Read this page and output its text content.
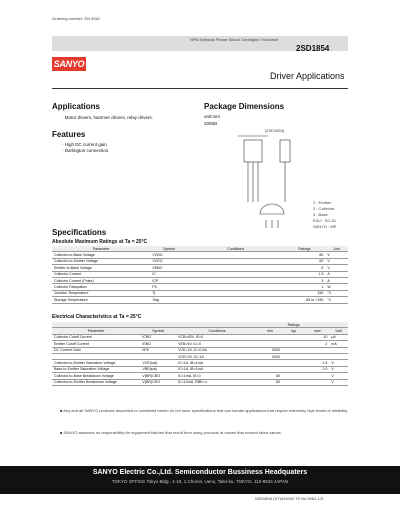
Ordering number: EN 5062
NPN Epitaxial Planar Silicon Darlington Transistor
2SD1854
SANYO
Driver Applications
Applications
· Motor drivers, hammer drivers, relay drivers.
Features
· High DC current gain.
· Darlington connection.
Package Dimensions
unit:mm
2006D
[2SD1854]
1 : Emitter
2 : Collector
3 : Base
EIAJ : SC-51
SANYO : MP
Specifications
Absolute Maximum Ratings at Ta = 25°C
Parameter	Symbol	Conditions	Ratings	Unit
Collector-to-Base Voltage	VCBO		80	V
Collector-to-Emitter Voltage	VCEO		60	V
Emitter-to-Base Voltage	VEBO		6	V
Collector Current	IC		1.5	A
Collector Current (Pulse)	ICP		3	A
Collector Dissipation	PC		1	W
Junction Temperature	Tj		150	°C
Storage Temperature	Tstg		-55 to +150	°C
Electrical Characteristics at Ta = 25°C
			Ratings			
Parameter	Symbol	Conditions	min	typ	max	Unit
Collector Cutoff Current	ICBO	VCB=60V, IE=0			10	μA
Emitter Cutoff Current	IEBO	VEB=5V, IC=0			2	mA
DC Current Gain	hFE	VCE=2V, IC=0.5A	2000			
		VCE=2V, IC=1A	2000			
Collector-to-Emitter Saturation Voltage	VCE(sat)	IC=1A, IB=1mA			1.5	V
Base-to-Emitter Saturation Voltage	VBE(sat)	IC=1A, IB=1mA			2.0	V
Collector-to-Base Breakdown Voltage	V(BR)CBO	IC=1mA, IE=0	80			V
Collector-to-Emitter Breakdown Voltage	V(BR)CEO	IC=10mA, RBE=∞	60			V
■ Any and all SANYO products described or contained herein do not have specifications that can handle applications that require extremely high levels of reliability.
■ SANYO assumes no responsibility for equipment failures that result from using products at values that exceed rated values.
SANYO Electric Co.,Ltd. Semiconductor Bussiness Headquaters
TOKYO OFFICE Tokyo Bldg., 1-10, 1 Chome, Ueno, Taito-ku, TOKYO, 110-8534 JAPAN
N3098HA (KT)/N1093 TS No.5062-1/3
